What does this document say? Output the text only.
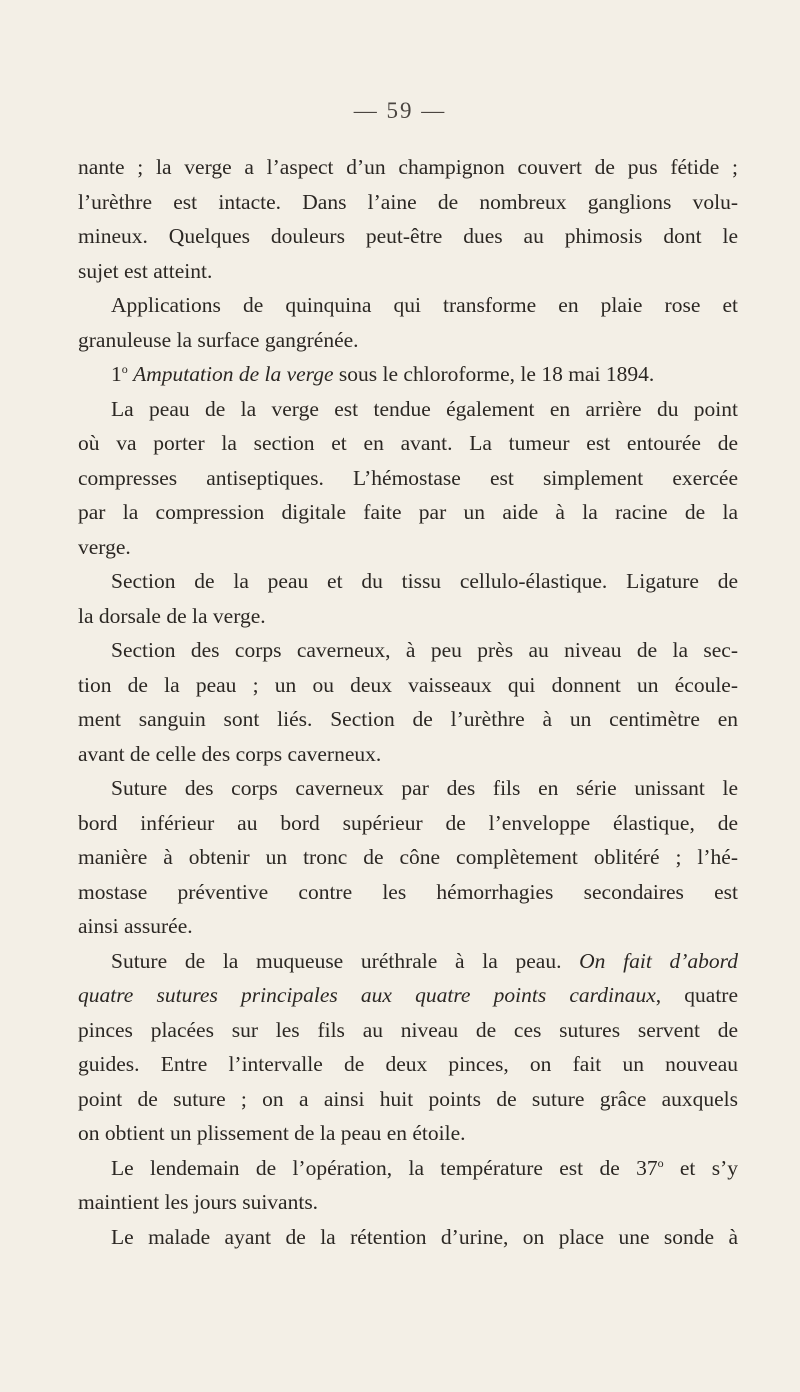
— 59 —

nante ; la verge a l’aspect d’un champignon couvert de pus fétide ;
l’urèthre est intacte. Dans l’aine de nombreux ganglions volu-
mineux. Quelques douleurs peut-être dues au phimosis dont le
sujet est atteint.

Applications de quinquina qui transforme en plaie rose et
granuleuse la surface gangrénée.

1$^o$ Amputation de la verge sous le chloroforme, le 18 mai 1894.

La peau de la verge est tendue également en arrière du point
où va porter la section et en avant. La tumeur est entourée de
compresses antiseptiques. L’hémostase est simplement exercée
par la compression digitale faite par un aide à la racine de la
verge.

Section de la peau et du tissu cellulo-élastique. Ligature de
la dorsale de la verge.

Section des corps caverneux, à peu près au niveau de la sec-
tion de la peau ; un ou deux vaisseaux qui donnent un écoule-
ment sanguin sont liés. Section de l’urèthre à un centimètre en
avant de celle des corps caverneux.

Suture des corps caverneux par des fils en série unissant le
bord inférieur au bord supérieur de l’enveloppe élastique, de
manière à obtenir un tronc de cône complètement oblitéré ; l’hé-
mostase préventive contre les hémorrhagies secondaires est
ainsi assurée.

Suture de la muqueuse uréthrale à la peau. On fait d’abord
quatre sutures principales aux quatre points cardinaux, quatre
pinces placées sur les fils au niveau de ces sutures servent de
guides. Entre l’intervalle de deux pinces, on fait un nouveau
point de suture ; on a ainsi huit points de suture grâce auxquels
on obtient un plissement de la peau en étoile.

Le lendemain de l’opération, la température est de 37$^o$ et s’y
maintient les jours suivants.

Le malade ayant de la rétention d’urine, on place une sonde à
